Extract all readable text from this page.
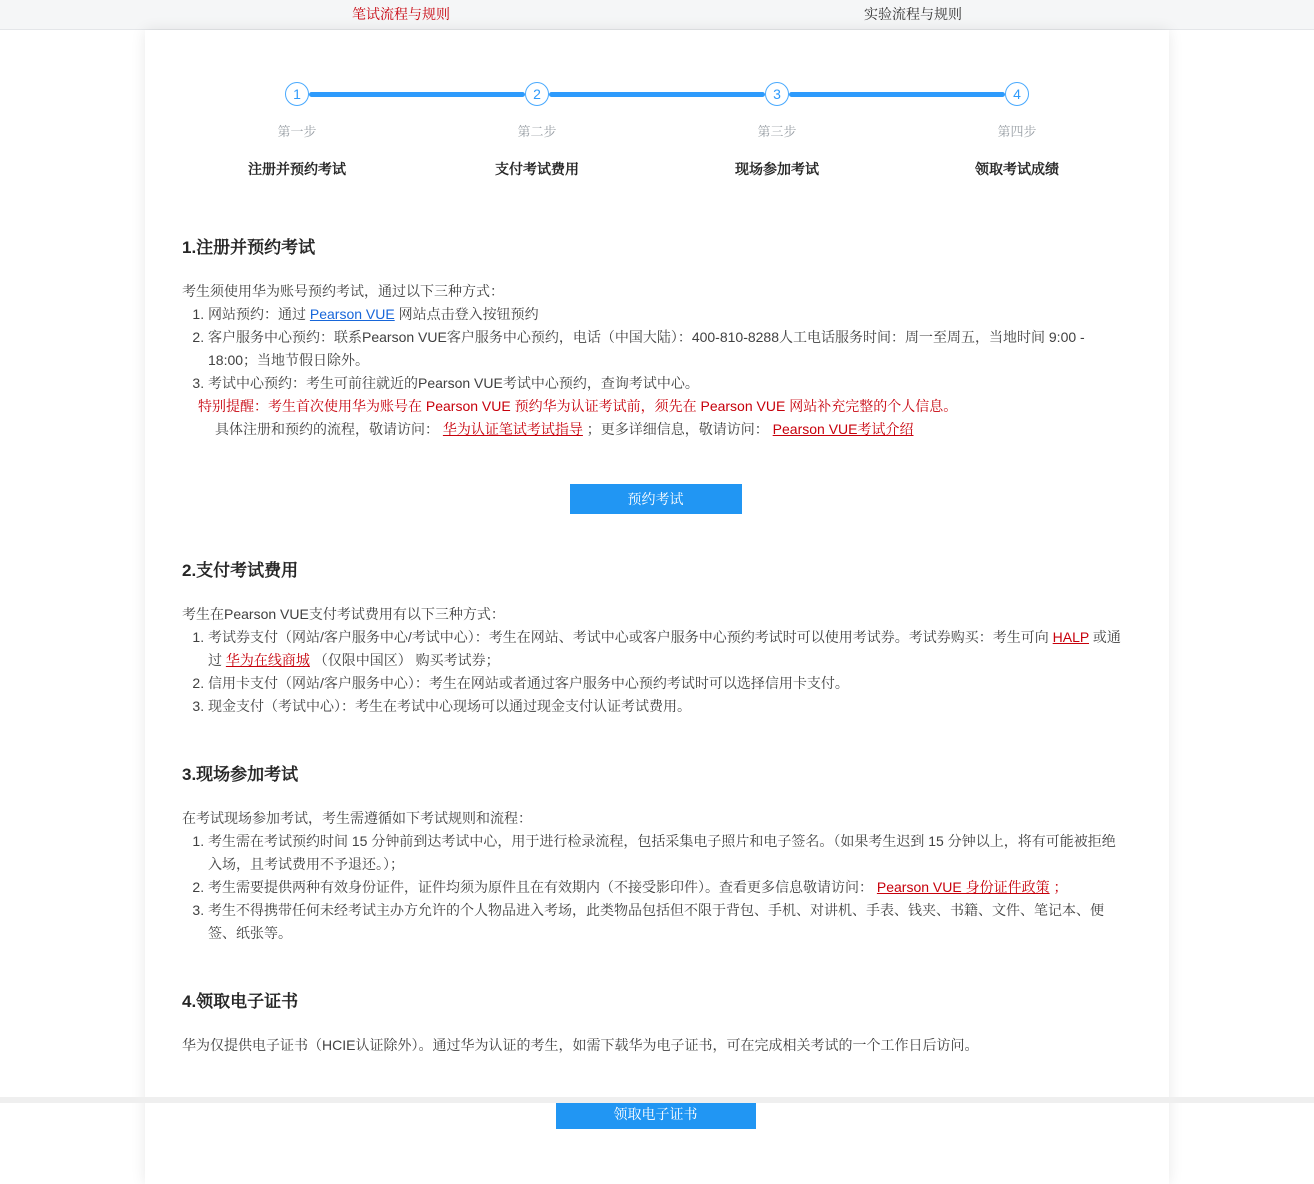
笔试流程与规则	实验流程与规则
1
第一步
注册并预约考试
2
第二步
支付考试费用
3
第三步
现场参加考试
4
第四步
领取考试成绩
1.注册并预约考试

考生须使用华为账号预约考试，通过以下三种方式：

1. 网站预约：通过 Pearson VUE 网站点击登入按钮预约
2. 客户服务中心预约：联系Pearson VUE客户服务中心预约，电话（中国大陆）：400-810-8288人工电话服务时间：周一至周五，当地时间 9:00 - 18:00；当地节假日除外。
3. 考试中心预约：考生可前往就近的Pearson VUE考试中心预约，查询考试中心。

特别提醒：考生首次使用华为账号在 Pearson VUE 预约华为认证考试前，须先在 Pearson VUE 网站补充完整的个人信息。

具体注册和预约的流程，敬请访问： 华为认证笔试考试指导 ；更多详细信息，敬请访问： Pearson VUE考试介绍

预约考试
2.支付考试费用

考生在Pearson VUE支付考试费用有以下三种方式：

1. 考试券支付（网站/客户服务中心/考试中心）：考生在网站、考试中心或客户服务中心预约考试时可以使用考试券。考试券购买：考生可向 HALP 或通过 华为在线商城 （仅限中国区） 购买考试券；
2. 信用卡支付（网站/客户服务中心）：考生在网站或者通过客户服务中心预约考试时可以选择信用卡支付。
3. 现金支付（考试中心）：考生在考试中心现场可以通过现金支付认证考试费用。
3.现场参加考试

在考试现场参加考试，考生需遵循如下考试规则和流程：

1. 考生需在考试预约时间 15 分钟前到达考试中心，用于进行检录流程，包括采集电子照片和电子签名。（如果考生迟到 15 分钟以上，将有可能被拒绝入场，且考试费用不予退还。）；
2. 考生需要提供两种有效身份证件，证件均须为原件且在有效期内（不接受影印件）。查看更多信息敬请访问： Pearson VUE 身份证件政策 ；
3. 考生不得携带任何未经考试主办方允许的个人物品进入考场，此类物品包括但不限于背包、手机、对讲机、手表、钱夹、书籍、文件、笔记本、便签、纸张等。
4.领取电子证书

华为仅提供电子证书（HCIE认证除外）。通过华为认证的考生，如需下载华为电子证书，可在完成相关考试的一个工作日后访问。

领取电子证书
